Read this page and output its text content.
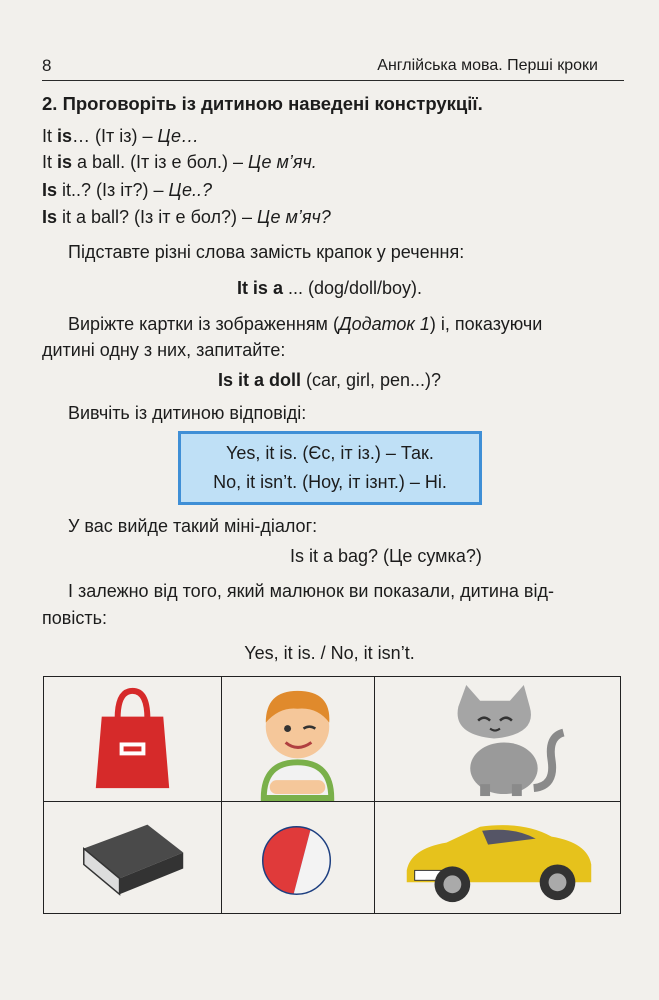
8	Англійська мова. Перші кроки
2. Проговоріть із дитиною наведені конструкції.
It is… (Іт із) – Це…
It is a ball. (Іт із е бол.) – Це м’яч.
Is it..? (Із іт?) – Це..?
Is it a ball? (Із іт е бол?) – Це м’яч?
Підставте різні слова замість крапок у речення:
It is a ... (dog/doll/boy).
Виріжте картки із зображенням (Додаток 1) і, показуючи
дитині одну з них, запитайте:
Is it a doll (car, girl, pen...)?
Вивчіть із дитиною відповіді:
Yes, it is. (Єс, іт із.) – Так.
No, it isn’t. (Ноу, іт ізнт.) – Ні.
У вас вийде такий міні-діалог:
Is it a bag? (Це сумка?)
І залежно від того, який малюнок ви показали, дитина від-
повість:
Yes, it is. / No, it isn’t.
